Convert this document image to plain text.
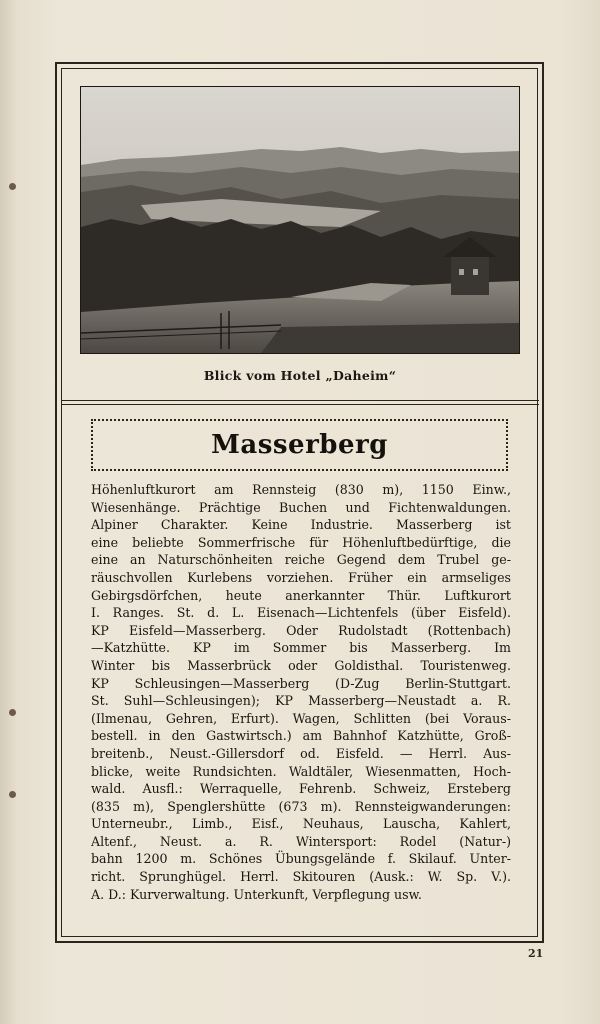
Blick vom Hotel „Daheim“
Masserberg
Höhenluftkurort am Rennsteig (830 m), 1150 Einw.,
Wiesenhänge. Prächtige Buchen und Fichtenwaldungen.
Alpiner Charakter. Keine Industrie. Masserberg ist
eine beliebte Sommerfrische für Höhenluftbedürftige, die
eine an Naturschönheiten reiche Gegend dem Trubel ge-
räuschvollen Kurlebens vorziehen. Früher ein armseliges
Gebirgsdörfchen, heute anerkannter Thür. Luftkurort
I. Ranges. St. d. L. Eisenach—Lichtenfels (über Eisfeld).
KP Eisfeld—Masserberg. Oder Rudolstadt (Rottenbach)
—Katzhütte. KP im Sommer bis Masserberg. Im
Winter bis Masserbrück oder Goldisthal. Touristenweg.
KP Schleusingen—Masserberg (D-Zug Berlin-Stuttgart.
St. Suhl—Schleusingen); KP Masserberg—Neustadt a. R.
(Ilmenau, Gehren, Erfurt). Wagen, Schlitten (bei Voraus-
bestell. in den Gastwirtsch.) am Bahnhof Katzhütte, Groß-
breitenb., Neust.-Gillersdorf od. Eisfeld. — Herrl. Aus-
blicke, weite Rundsichten. Waldtäler, Wiesenmatten, Hoch-
wald. Ausfl.: Werraquelle, Fehrenb. Schweiz, Ersteberg
(835 m), Spenglershütte (673 m). Rennsteigwanderungen:
Unterneubr., Limb., Eisf., Neuhaus, Lauscha, Kahlert,
Altenf., Neust. a. R. Wintersport: Rodel (Natur-)
bahn 1200 m. Schönes Übungsgelände f. Skilauf. Unter-
richt. Sprunghügel. Herrl. Skitouren (Ausk.: W. Sp. V.).
A. D.: Kurverwaltung. Unterkunft, Verpflegung usw.
21
